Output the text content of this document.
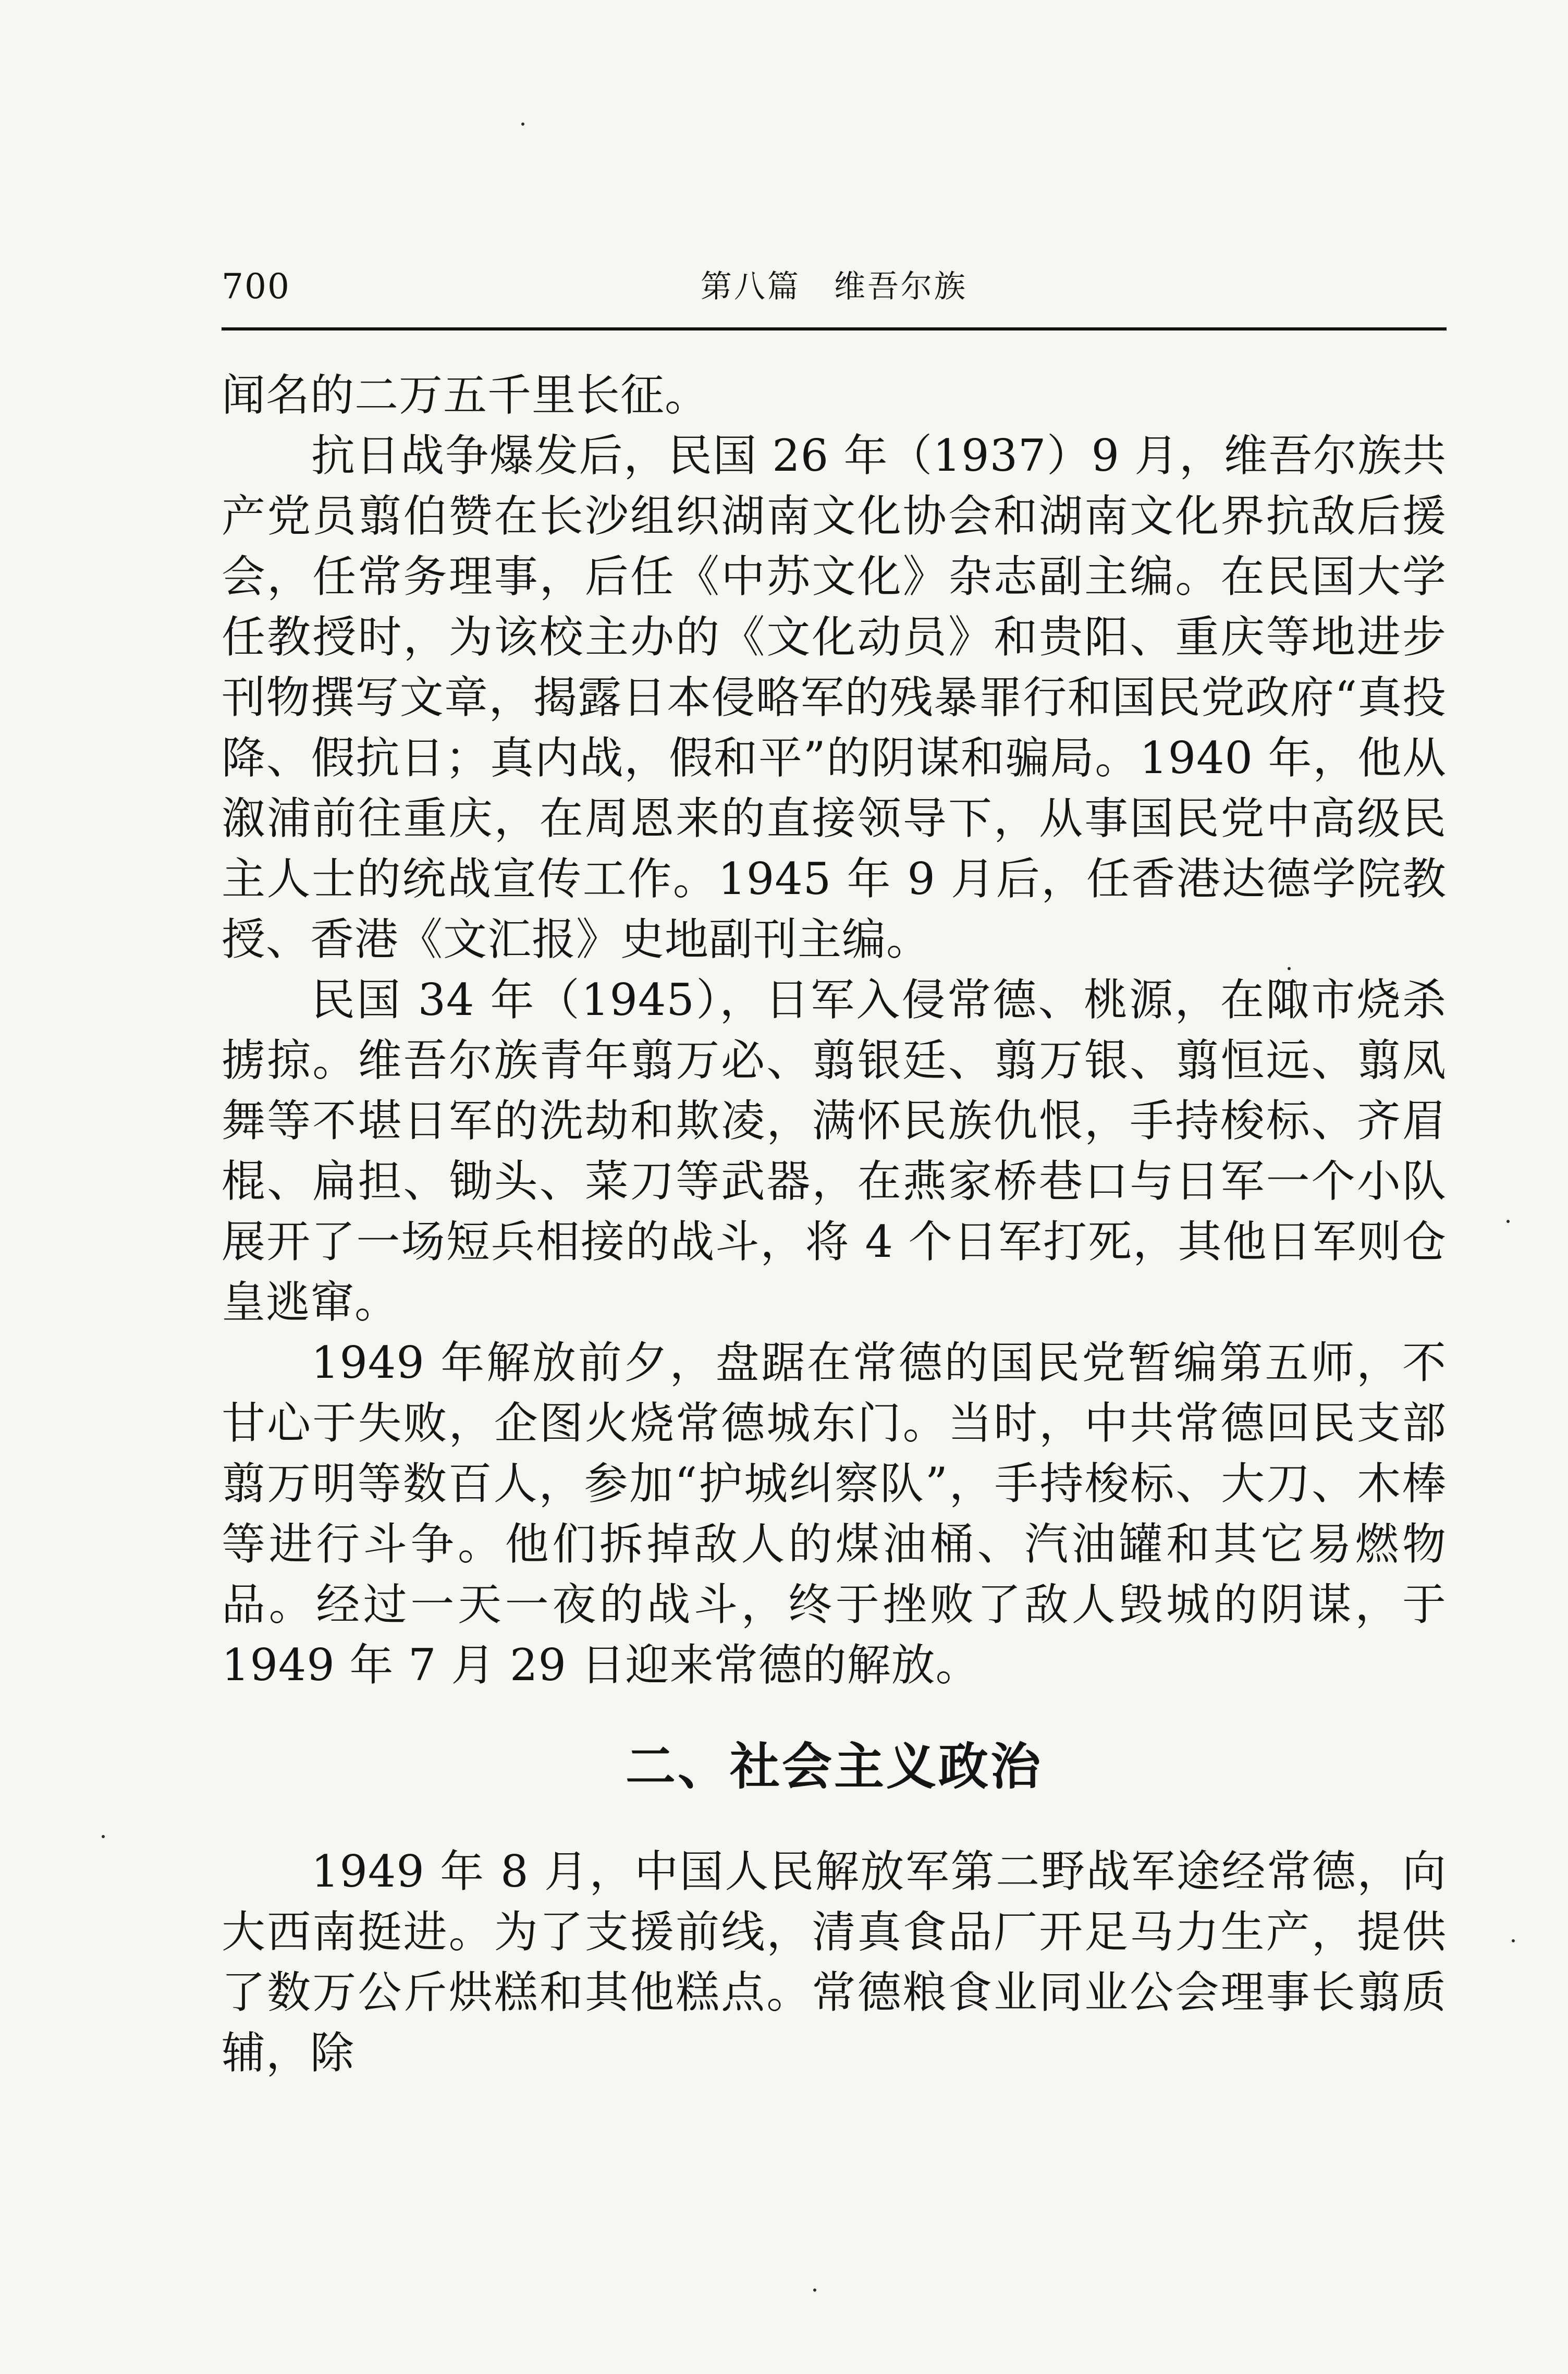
700	第八篇　维吾尔族

闻名的二万五千里长征。

抗日战争爆发后，民国 26 年（1937）9 月，维吾尔族共产党员翦伯赞在长沙组织湖南文化协会和湖南文化界抗敌后援会，任常务理事，后任《中苏文化》杂志副主编。在民国大学任教授时，为该校主办的《文化动员》和贵阳、重庆等地进步刊物撰写文章，揭露日本侵略军的残暴罪行和国民党政府“真投降、假抗日；真内战，假和平”的阴谋和骗局。1940 年，他从溆浦前往重庆，在周恩来的直接领导下，从事国民党中高级民主人士的统战宣传工作。1945 年 9 月后，任香港达德学院教授、香港《文汇报》史地副刊主编。

民国 34 年（1945），日军入侵常德、桃源，在陬市烧杀掳掠。维吾尔族青年翦万必、翦银廷、翦万银、翦恒远、翦凤舞等不堪日军的洗劫和欺凌，满怀民族仇恨，手持梭标、齐眉棍、扁担、锄头、菜刀等武器，在燕家桥巷口与日军一个小队展开了一场短兵相接的战斗，将 4 个日军打死，其他日军则仓皇逃窜。

1949 年解放前夕，盘踞在常德的国民党暂编第五师，不甘心于失败，企图火烧常德城东门。当时，中共常德回民支部翦万明等数百人，参加“护城纠察队”，手持梭标、大刀、木棒等进行斗争。他们拆掉敌人的煤油桶、汽油罐和其它易燃物品。经过一天一夜的战斗，终于挫败了敌人毁城的阴谋，于 1949 年 7 月 29 日迎来常德的解放。

二、社会主义政治

1949 年 8 月，中国人民解放军第二野战军途经常德，向大西南挺进。为了支援前线，清真食品厂开足马力生产，提供了数万公斤烘糕和其他糕点。常德粮食业同业公会理事长翦质辅，除
